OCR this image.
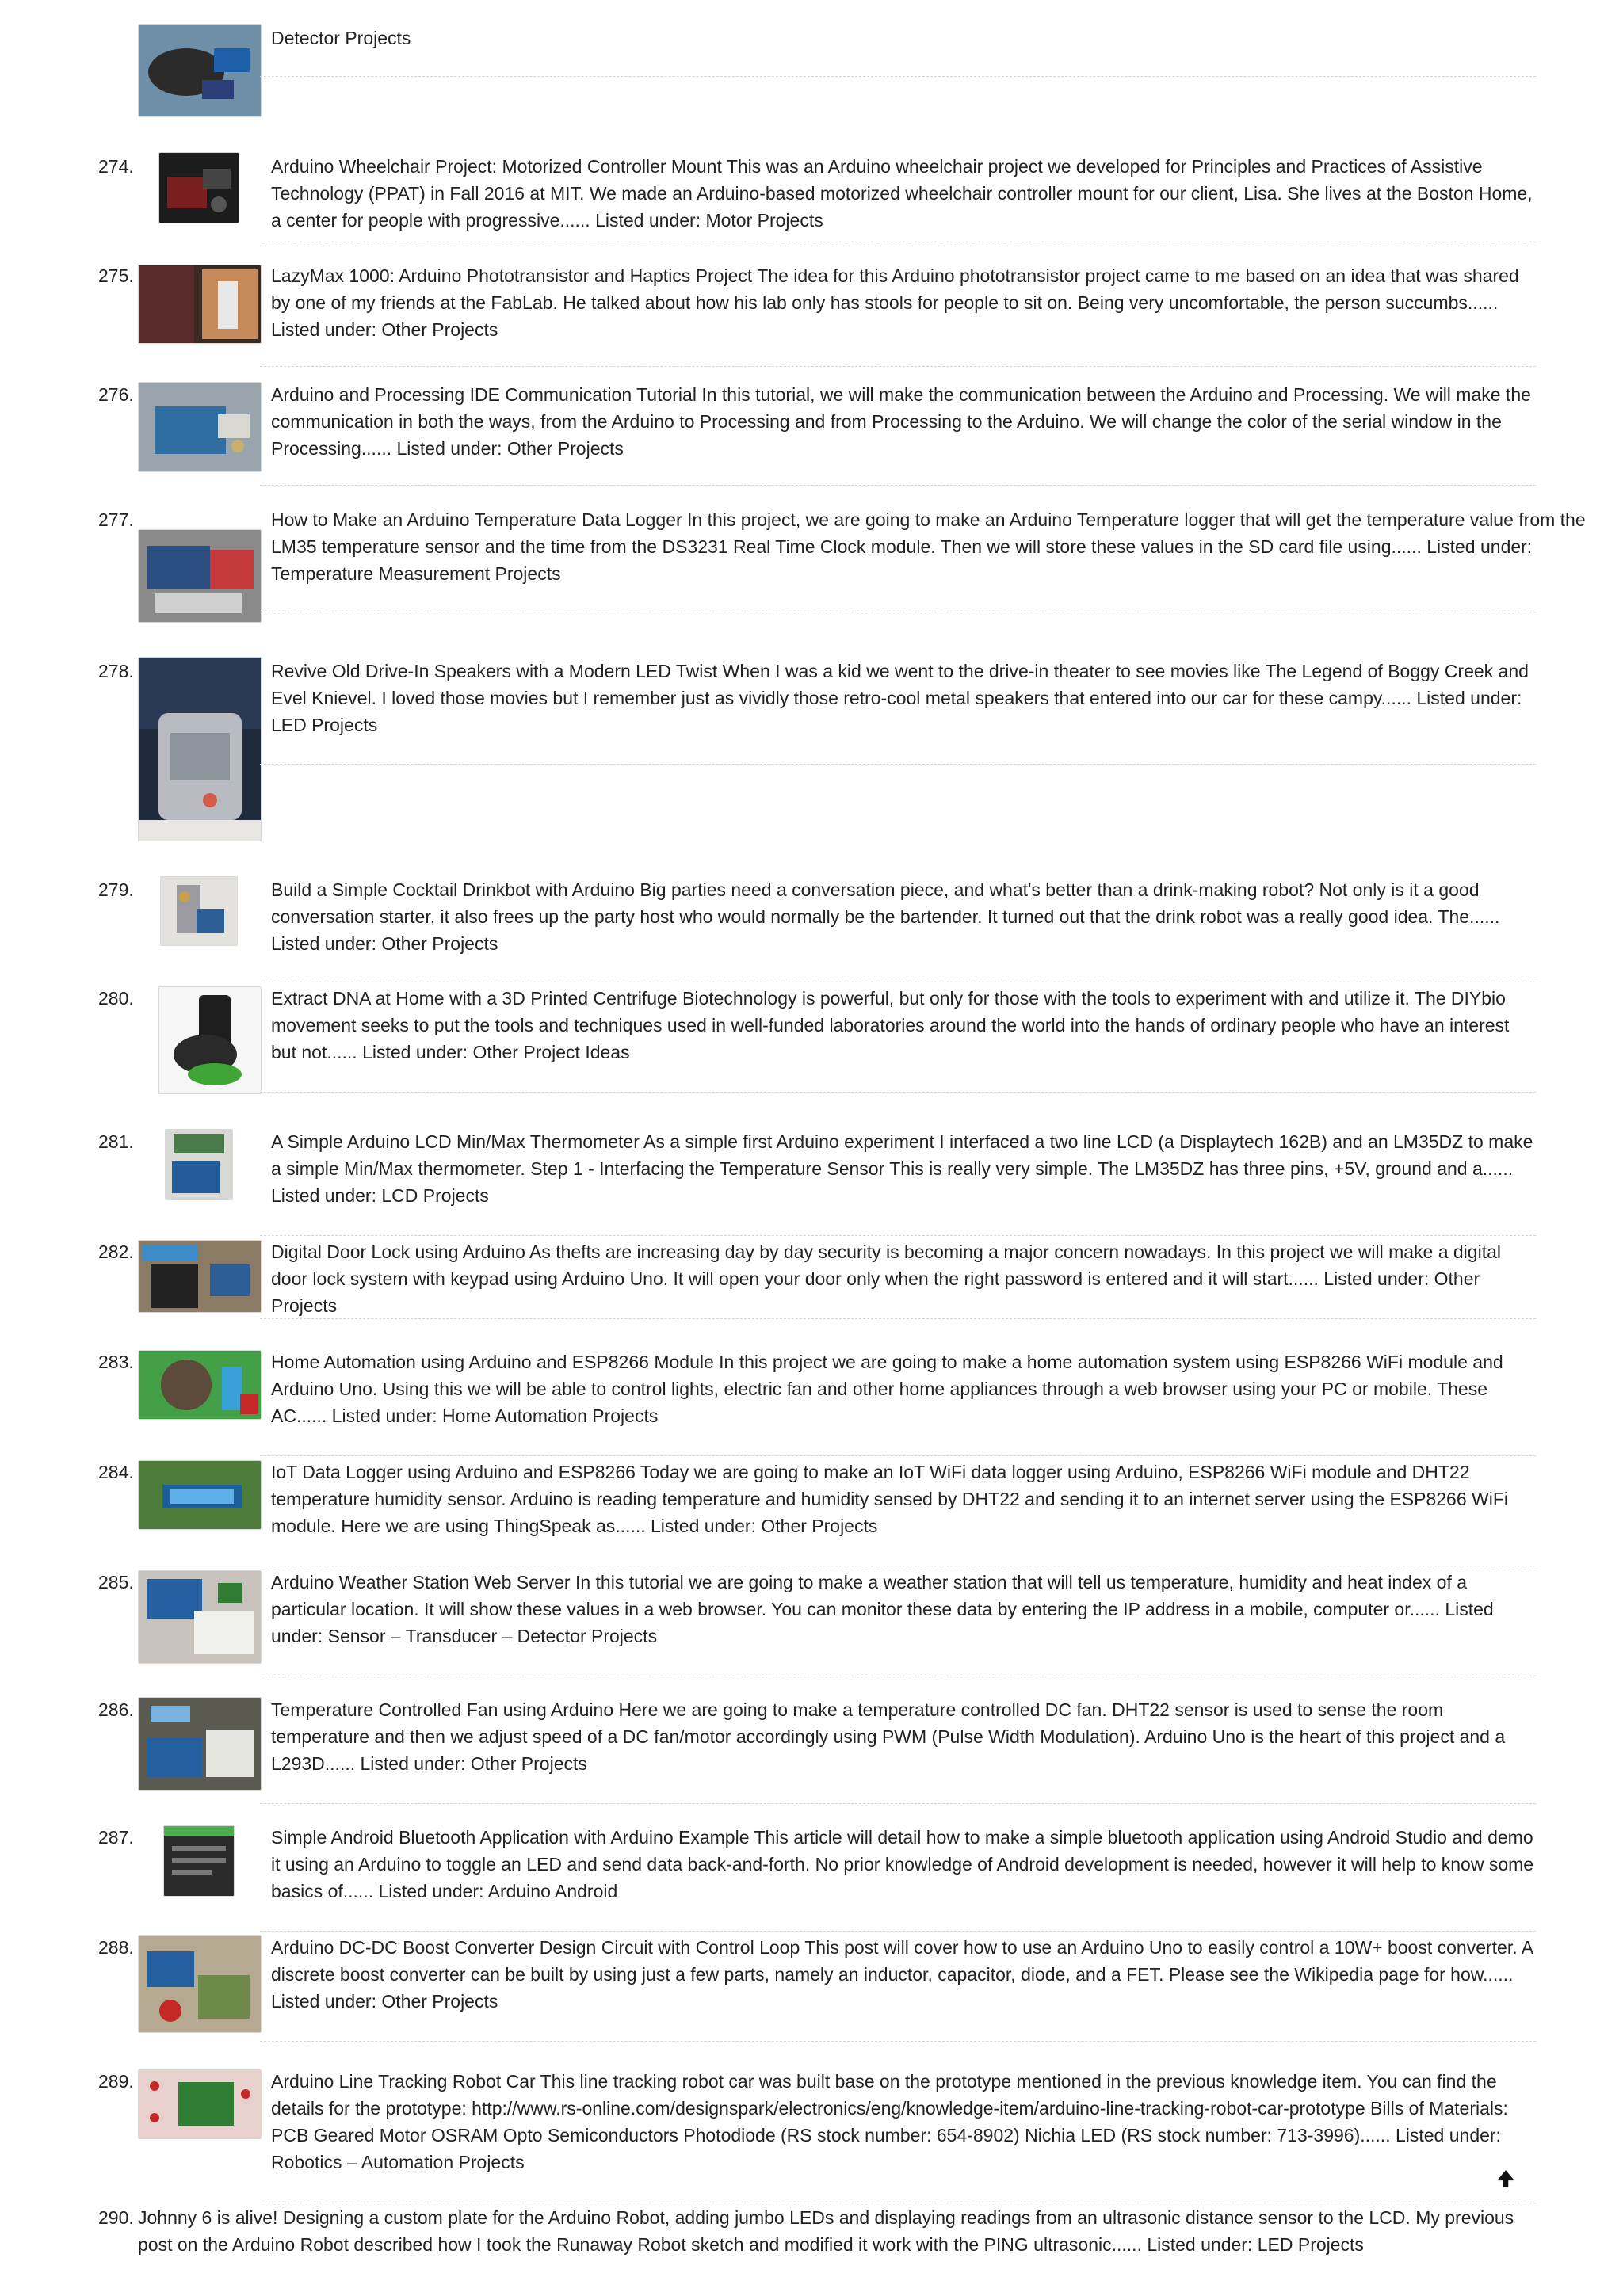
Detector Projects
274.	Arduino Wheelchair Project: Motorized Controller Mount This was an Arduino wheelchair project we developed for Principles and Practices of Assistive Technology (PPAT) in Fall 2016 at MIT. We made an Arduino-based motorized wheelchair controller mount for our client, Lisa. She lives at the Boston Home, a center for people with progressive...... Listed under: Motor Projects
275.	LazyMax 1000: Arduino Phototransistor and Haptics Project The idea for this Arduino phototransistor project came to me based on an idea that was shared by one of my friends at the FabLab. He talked about how his lab only has stools for people to sit on. Being very uncomfortable, the person succumbs...... Listed under: Other Projects
276.	Arduino and Processing IDE Communication Tutorial In this tutorial, we will make the communication between the Arduino and Processing. We will make the communication in both the ways, from the Arduino to Processing and from Processing to the Arduino. We will change the color of the serial window in the Processing...... Listed under: Other Projects
277.	How to Make an Arduino Temperature Data Logger In this project, we are going to make an Arduino Temperature logger that will get the temperature value from the LM35 temperature sensor and the time from the DS3231 Real Time Clock module. Then we will store these values in the SD card file using...... Listed under: Temperature Measurement Projects
278.	Revive Old Drive-In Speakers with a Modern LED Twist When I was a kid we went to the drive-in theater to see movies like The Legend of Boggy Creek and Evel Knievel. I loved those movies but I remember just as vividly those retro-cool metal speakers that entered into our car for these campy...... Listed under: LED Projects
279.	Build a Simple Cocktail Drinkbot with Arduino Big parties need a conversation piece, and what's better than a drink-making robot? Not only is it a good conversation starter, it also frees up the party host who would normally be the bartender. It turned out that the drink robot was a really good idea. The...... Listed under: Other Projects
280.	Extract DNA at Home with a 3D Printed Centrifuge Biotechnology is powerful, but only for those with the tools to experiment with and utilize it. The DIYbio movement seeks to put the tools and techniques used in well-funded laboratories around the world into the hands of ordinary people who have an interest but not...... Listed under: Other Project Ideas
281.	A Simple Arduino LCD Min/Max Thermometer As a simple first Arduino experiment I interfaced a two line LCD (a Displaytech 162B) and an LM35DZ to make a simple Min/Max thermometer. Step 1 - Interfacing the Temperature Sensor This is really very simple. The LM35DZ has three pins, +5V, ground and a...... Listed under: LCD Projects
282.	Digital Door Lock using Arduino As thefts are increasing day by day security is becoming a major concern nowadays. In this project we will make a digital door lock system with keypad using Arduino Uno. It will open your door only when the right password is entered and it will start...... Listed under: Other Projects
283.	Home Automation using Arduino and ESP8266 Module In this project we are going to make a home automation system using ESP8266 WiFi module and Arduino Uno. Using this we will be able to control lights, electric fan and other home appliances through a web browser using your PC or mobile. These AC...... Listed under: Home Automation Projects
284.	IoT Data Logger using Arduino and ESP8266 Today we are going to make an IoT WiFi data logger using Arduino, ESP8266 WiFi module and DHT22 temperature humidity sensor. Arduino is reading temperature and humidity sensed by DHT22 and sending it to an internet server using the ESP8266 WiFi module. Here we are using ThingSpeak as...... Listed under: Other Projects
285.	Arduino Weather Station Web Server In this tutorial we are going to make a weather station that will tell us temperature, humidity and heat index of a particular location. It will show these values in a web browser. You can monitor these data by entering the IP address in a mobile, computer or...... Listed under: Sensor – Transducer – Detector Projects
286.	Temperature Controlled Fan using Arduino Here we are going to make a temperature controlled DC fan. DHT22 sensor is used to sense the room temperature and then we adjust speed of a DC fan/motor accordingly using PWM (Pulse Width Modulation). Arduino Uno is the heart of this project and a L293D...... Listed under: Other Projects
287.	Simple Android Bluetooth Application with Arduino Example This article will detail how to make a simple bluetooth application using Android Studio and demo it using an Arduino to toggle an LED and send data back-and-forth. No prior knowledge of Android development is needed, however it will help to know some basics of...... Listed under: Arduino Android
288.	Arduino DC-DC Boost Converter Design Circuit with Control Loop This post will cover how to use an Arduino Uno to easily control a 10W+ boost converter. A discrete boost converter can be built by using just a few parts, namely an inductor, capacitor, diode, and a FET. Please see the Wikipedia page for how...... Listed under: Other Projects
289.	Arduino Line Tracking Robot Car This line tracking robot car was built base on the prototype mentioned in the previous knowledge item. You can find the details for the prototype: http://www.rs-online.com/designspark/electronics/eng/knowledge-item/arduino-line-tracking-robot-car-prototype Bills of Materials: PCB Geared Motor OSRAM Opto Semiconductors Photodiode (RS stock number: 654-8902) Nichia LED (RS stock number: 713-3996)...... Listed under: Robotics – Automation Projects
290. Johnny 6 is alive! Designing a custom plate for the Arduino Robot, adding jumbo LEDs and displaying readings from an ultrasonic distance sensor to the LCD. My previous post on the Arduino Robot described how I took the Runaway Robot sketch and modified it work with the PING ultrasonic...... Listed under: LED Projects
